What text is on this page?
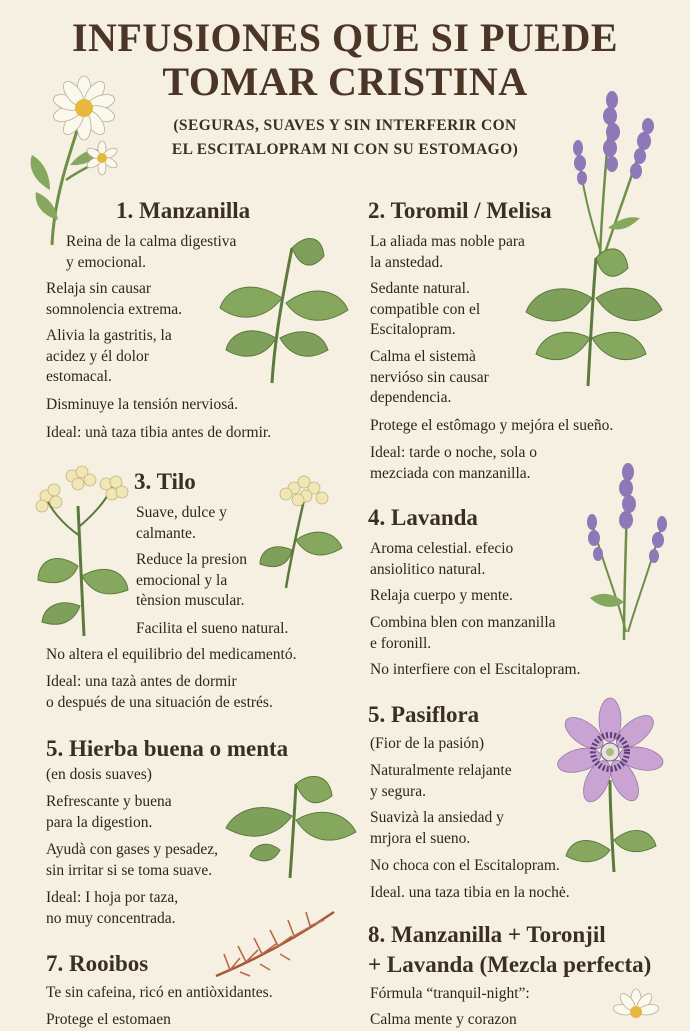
INFUSIONES QUE SI PUEDE
TOMAR CRISTINA
(SEGURAS, SUAVES Y SIN INTERFERIR CON
EL ESCITALOPRAM NI CON SU ESTOMAGO)
1. Manzanilla
Reina de la calma digestiva
y emocional.
Relaja sin causar
somnolencia extrema.
Alivia la gastritis, la
acidez y él dolor
estomacal.
Disminuye la tensión nerviosá.
Ideal: unà taza tibia antes de dormir.
2. Toromil / Melisa
La aliada mas noble para
la anstedad.
Sedante natural.
compatible con el
Escitalopram.
Calma el sistemà
nervióso sin causar
dependencia.
Protege el estômago y mejóra el sueño.
Ideal: tarde o noche, sola o
mezciada con manzanilla.
3. Tilo
Suave, dulce y
calmante.
Reduce la presion
emocional y la
tènsion muscular.
Facilita el sueno natural.
No altera el equilibrio del medicamentó.
Ideal: una tazà antes de dormir
o después de una situación de estrés.
4. Lavanda
Aroma celestial. efecio
ansiolitico natural.
Relaja cuerpo y mente.
Combina blen con manzanilla
e foronill.
No interfiere con el Escitalopram.
5. Hierba buena o menta
(en dosis suaves)
Refrescante y buena
para la digestion.
Ayudà con gases y pesadez,
sin irritar si se toma suave.
Ideal: I hoja por taza,
no muy concentrada.
5. Pasiflora
(Fior de la pasión)
Naturalmente relajante
y segura.
Suavizà la ansiedad y
mrjora el sueno.
No choca con el Escitalopram.
Ideal. una taza tibia en la nochė.
7. Rooibos
Te sin cafeina, ricó en antiòxidantes.
Protege el estomaen
8. Manzanilla + Toronjil
+ Lavanda (Mezcla perfecta)
Fórmula “tranquil-night”:
Calma mente y corazon
